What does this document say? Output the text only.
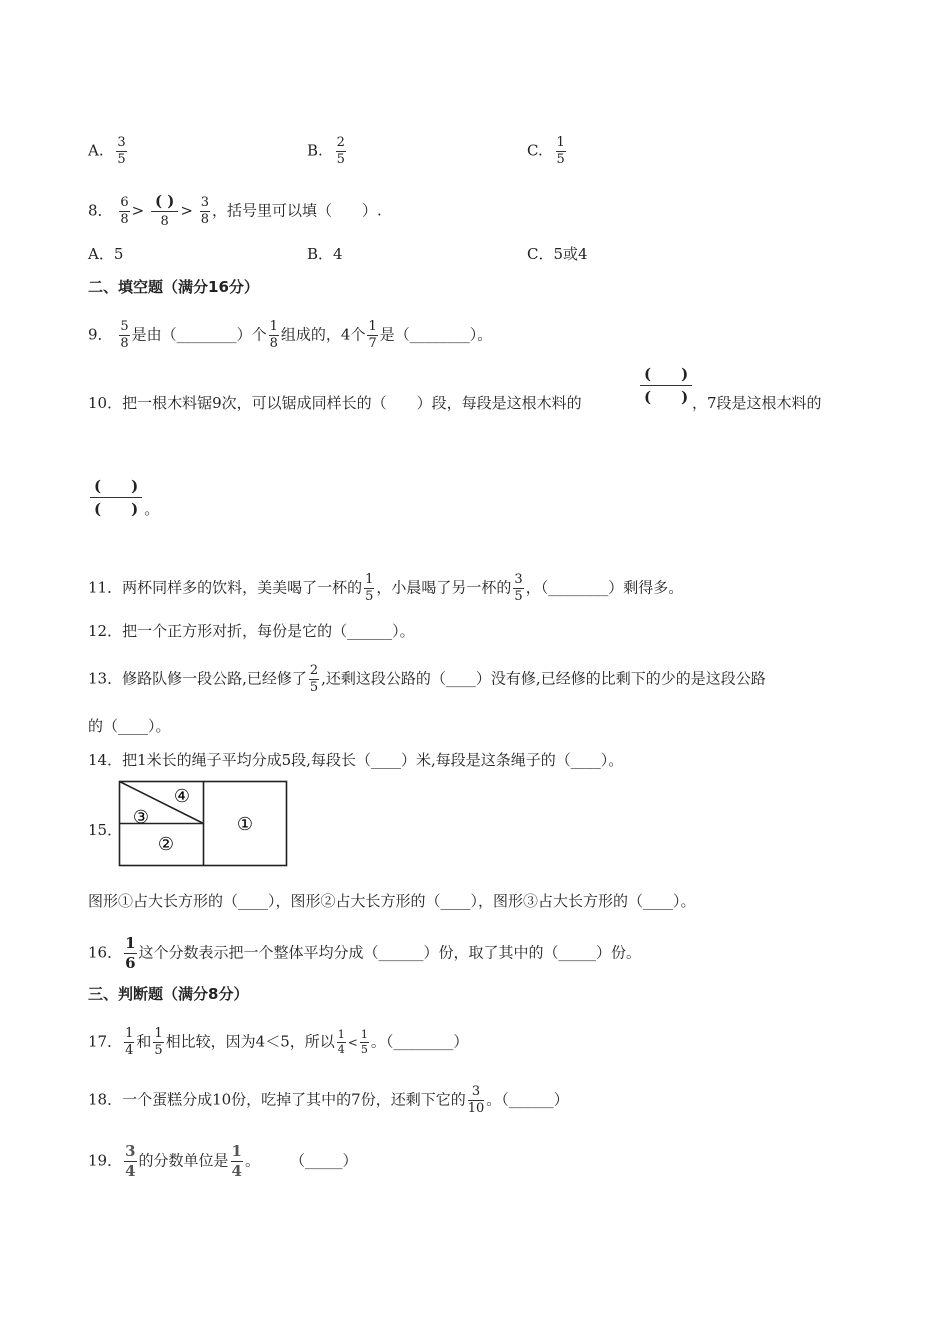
A. $\frac{3}{5}$	B. $\frac{2}{5}$	C. $\frac{1}{5}$
8． $\frac{6}{8} > \frac{( )}{8} > \frac{3}{8}$ ，括号里可以填（　　）.
A．5	B．4	C．5或4
二、填空题（满分16分）
9． $\frac{5}{8}$ 是由（________）个 $\frac{1}{8}$ 组成的，4个 $\frac{1}{7}$ 是（________）。
10．把一根木料锯9次，可以锯成同样长的（　　）段，每段是这根木料的	$\frac{( )}{( )}$ ，7段是这根木料的
$\frac{( )}{( )}$ 。
11．两杯同样多的饮料，美美喝了一杯的 $\frac{1}{5}$ ，小晨喝了另一杯的 $\frac{3}{5}$ ，（________）剩得多。
12．把一个正方形对折，每份是它的（______）。
13．修路队修一段公路,已经修了 $\frac{2}{5}$ ,还剩这段公路的（____）没有修,已经修的比剩下的少的是这段公路
的（____）。
14．把1米长的绳子平均分成5段,每段长（____）米,每段是这条绳子的（____）。
15．	①
②
③
④
图形①占大长方形的（____），图形②占大长方形的（____），图形③占大长方形的（____）。
16． $\frac{1}{6}$ 这个分数表示把一个整体平均分成（______）份，取了其中的（_____）份。
三、判断题（满分8分）
17． $\frac{1}{4}$ 和 $\frac{1}{5}$ 相比较，因为4＜5，所以 $\frac{1}{4} < \frac{1}{5}$ 。（________）
18．一个蛋糕分成10份，吃掉了其中的7份，还剩下它的 $\frac{3}{10}$ 。（______）
19． $\frac{3}{4}$ 的分数单位是 $\frac{1}{4}$ 。　　　（_____）
